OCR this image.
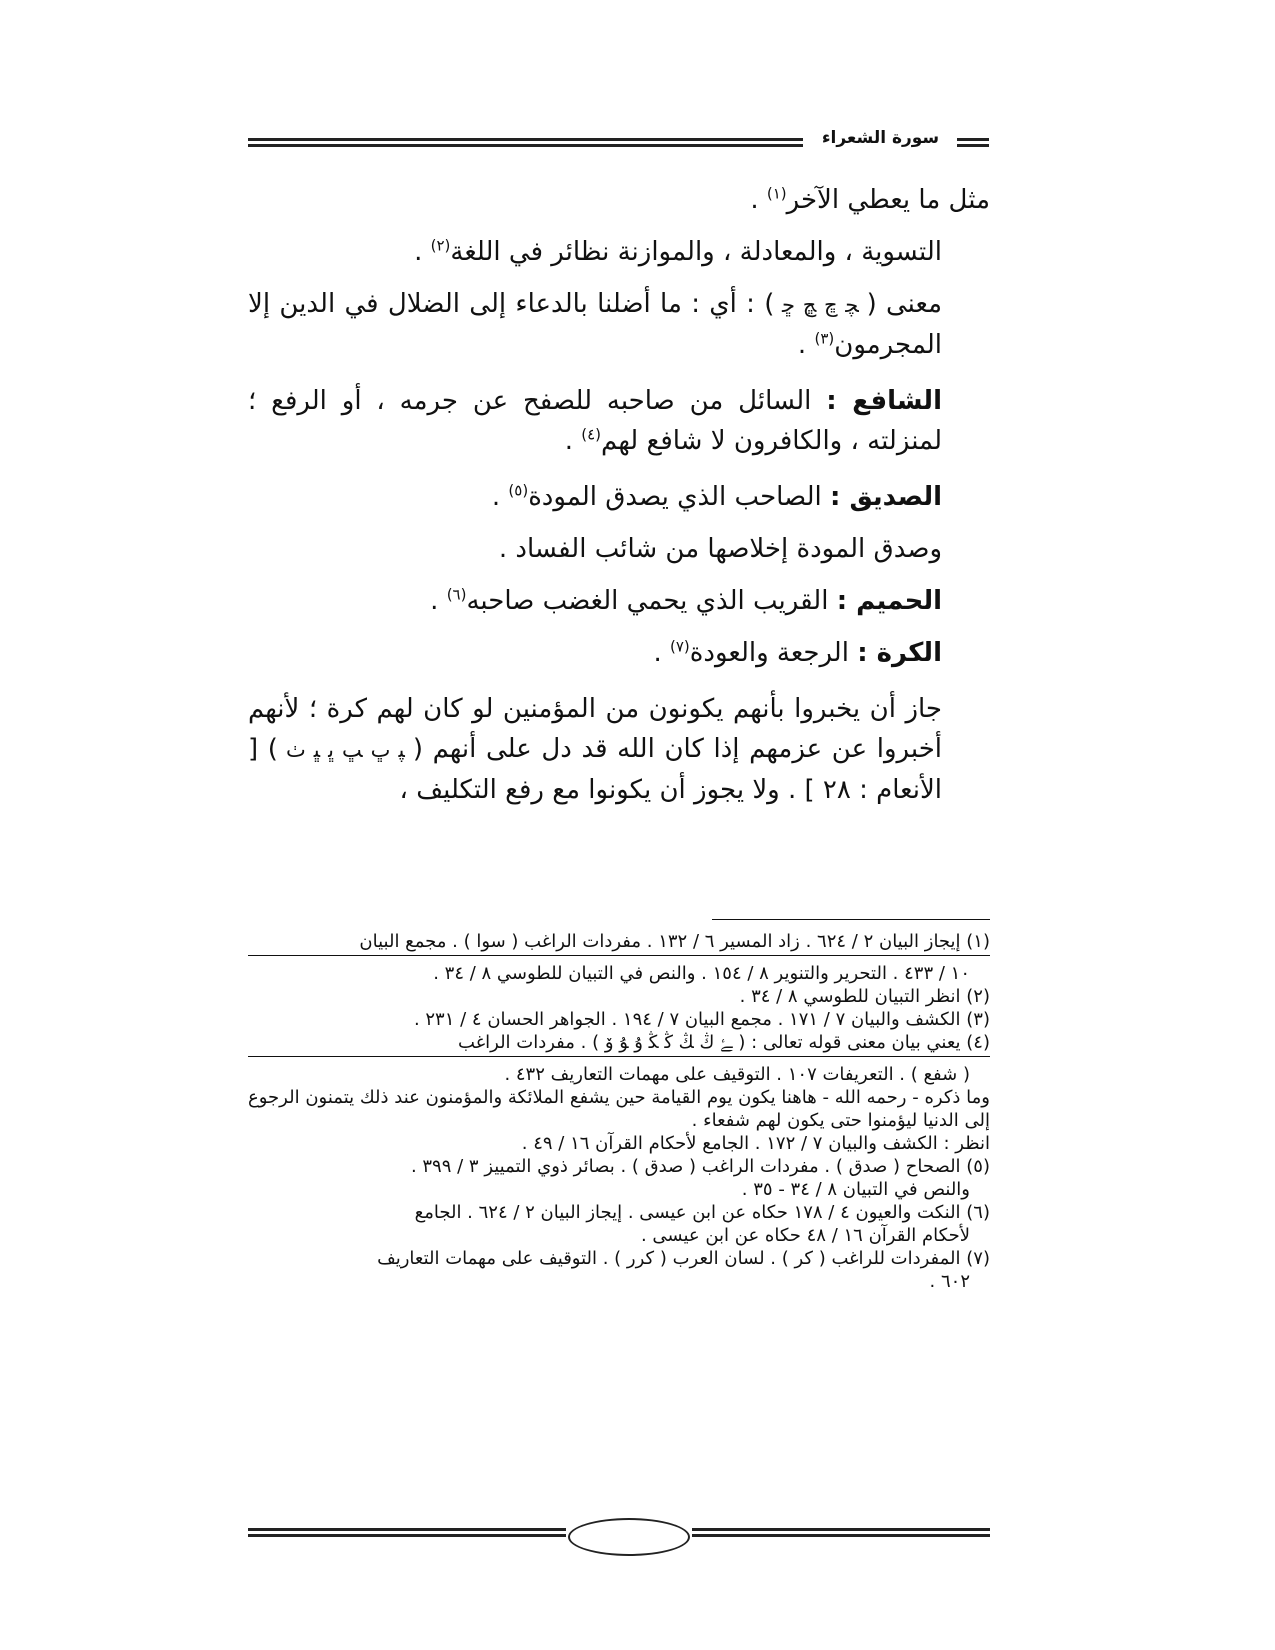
سورة الشعراء

مثل ما يعطي الآخر$^{(١)}$ .

التسوية ، والمعادلة ، والموازنة نظائر في اللغة$^{(٢)}$ .

معنى ( ﭽ ﭾ ﭿ ﮀ ) : أي : ما أضلنا بالدعاء إلى الضلال في الدين إلا المجرمون$^{(٣)}$ .

الشافع : السائل من صاحبه للصفح عن جرمه ، أو الرفع ؛ لمنزلته ، والكافرون لا شافع لهم$^{(٤)}$ .

الصديق : الصاحب الذي يصدق المودة$^{(٥)}$ .

وصدق المودة إخلاصها من شائب الفساد .

الحميم : القريب الذي يحمي الغضب صاحبه$^{(٦)}$ .

الكرة : الرجعة والعودة$^{(٧)}$ .

جاز أن يخبروا بأنهم يكونون من المؤمنين لو كان لهم كرة ؛ لأنهم أخبروا عن عزمهم إذا كان الله قد دل على أنهم ( ﭙ ﭚ ﭛ ﭜ ﭝ ﭞ ) [ الأنعام : ٢٨ ] . ولا يجوز أن يكونوا مع رفع التكليف ،

(١) إيجاز البيان ٢ / ٦٢٤ . زاد المسير ٦ / ١٣٢ . مفردات الراغب ( سوا ) . مجمع البيان
١٠ / ٤٣٣ . التحرير والتنوير ٨ / ١٥٤ . والنص في التبيان للطوسي ٨ / ٣٤ .

(٢) انظر التبيان للطوسي ٨ / ٣٤ .

(٣) الكشف والبيان ٧ / ١٧١ . مجمع البيان ٧ / ١٩٤ . الجواهر الحسان ٤ / ٢٣١ .

(٤) يعني بيان معنى قوله تعالى : ( ﮱ ﯓ ﯔ ﯕ ﯖ ﯗ ﯘ ﯙ ) . مفردات الراغب
( شفع ) . التعريفات ١٠٧ . التوقيف على مهمات التعاريف ٤٣٢ .

وما ذكره - رحمه الله - هاهنا يكون يوم القيامة حين يشفع الملائكة والمؤمنون عند ذلك يتمنون الرجوع إلى الدنيا ليؤمنوا حتى يكون لهم شفعاء .

انظر : الكشف والبيان ٧ / ١٧٢ . الجامع لأحكام القرآن ١٦ / ٤٩ .

(٥) الصحاح ( صدق ) . مفردات الراغب ( صدق ) . بصائر ذوي التمييز ٣ / ٣٩٩ .
والنص في التبيان ٨ / ٣٤ - ٣٥ .

(٦) النكت والعيون ٤ / ١٧٨ حكاه عن ابن عيسى . إيجاز البيان ٢ / ٦٢٤ . الجامع
لأحكام القرآن ١٦ / ٤٨ حكاه عن ابن عيسى .

(٧) المفردات للراغب ( كر ) . لسان العرب ( كرر ) . التوقيف على مهمات التعاريف
٦٠٢ .
